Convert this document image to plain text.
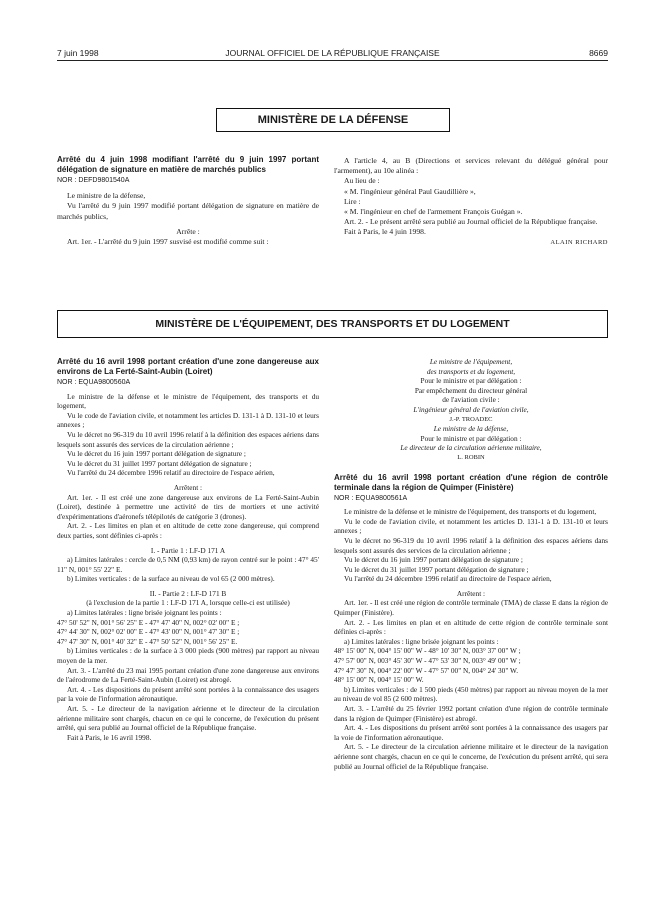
7 juin 1998	JOURNAL OFFICIEL DE LA RÉPUBLIQUE FRANÇAISE	8669
MINISTÈRE DE LA DÉFENSE

Arrêté du 4 juin 1998 modifiant l'arrêté du 9 juin 1997 portant délégation de signature en matière de marchés publics

NOR : DEFD9801540A

Le ministre de la défense,

Vu l'arrêté du 9 juin 1997 modifié portant délégation de signature en matière de marchés publics,

Arrête :

Art. 1er. - L'arrêté du 9 juin 1997 susvisé est modifié comme suit :

A l'article 4, au B (Directions et services relevant du délégué général pour l'armement), au 10e alinéa :

Au lieu de :

« M. l'ingénieur général Paul Gaudillière »,

Lire :

« M. l'ingénieur en chef de l'armement François Guégan ».

Art. 2. - Le présent arrêté sera publié au Journal officiel de la République française.

Fait à Paris, le 4 juin 1998.

ALAIN RICHARD

MINISTÈRE DE L'ÉQUIPEMENT, DES TRANSPORTS ET DU LOGEMENT

Arrêté du 16 avril 1998 portant création d'une zone dangereuse aux environs de La Ferté-Saint-Aubin (Loiret)

NOR : EQUA9800560A

Le ministre de la défense et le ministre de l'équipement, des transports et du logement,

Vu le code de l'aviation civile, et notamment les articles D. 131-1 à D. 131-10 et leurs annexes ;

Vu le décret no 96-319 du 10 avril 1996 relatif à la définition des espaces aériens dans lesquels sont assurés des services de la circulation aérienne ;

Vu le décret du 16 juin 1997 portant délégation de signature ;

Vu le décret du 31 juillet 1997 portant délégation de signature ;

Vu l'arrêté du 24 décembre 1996 relatif au directoire de l'espace aérien,

Arrêtent :

Art. 1er. - Il est créé une zone dangereuse aux environs de La Ferté-Saint-Aubin (Loiret), destinée à permettre une activité de tirs de mortiers et une activité d'expérimentations d'aéronefs télépilotés de catégorie 3 (drones).

Art. 2. - Les limites en plan et en altitude de cette zone dangereuse, qui comprend deux parties, sont définies ci-après :

I. - Partie 1 : LF-D 171 A

a) Limites latérales : cercle de 0,5 NM (0,93 km) de rayon centré sur le point : 47° 45' 11" N, 001° 55' 22" E.

b) Limites verticales : de la surface au niveau de vol 65 (2 000 mètres).

II. - Partie 2 : LF-D 171 B

(à l'exclusion de la partie 1 : LF-D 171 A, lorsque celle-ci est utilisée)

a) Limites latérales : ligne brisée joignant les points :

47° 50' 52" N, 001° 56' 25" E - 47° 47' 40" N, 002° 02' 00" E ;

47° 44' 30" N, 002° 02' 00" E - 47° 43' 00" N, 001° 47' 30" E ;

47° 47' 30" N, 001° 40' 32" E - 47° 50' 52" N, 001° 56' 25" E.

b) Limites verticales : de la surface à 3 000 pieds (900 mètres) par rapport au niveau moyen de la mer.

Art. 3. - L'arrêté du 23 mai 1995 portant création d'une zone dangereuse aux environs de l'aérodrome de La Ferté-Saint-Aubin (Loiret) est abrogé.

Art. 4. - Les dispositions du présent arrêté sont portées à la connaissance des usagers par la voie de l'information aéronautique.

Art. 5. - Le directeur de la navigation aérienne et le directeur de la circulation aérienne militaire sont chargés, chacun en ce qui le concerne, de l'exécution du présent arrêté, qui sera publié au Journal officiel de la République française.

Fait à Paris, le 16 avril 1998.

Le ministre de l'équipement,

des transports et du logement,

Pour le ministre et par délégation :

Par empêchement du directeur général

de l'aviation civile :

L'ingénieur général de l'aviation civile,

J.-P. TROADEC

Le ministre de la défense,

Pour le ministre et par délégation :

Le directeur de la circulation aérienne militaire,

L. ROBIN

Arrêté du 16 avril 1998 portant création d'une région de contrôle terminale dans la région de Quimper (Finistère)

NOR : EQUA9800561A

Le ministre de la défense et le ministre de l'équipement, des transports et du logement,

Vu le code de l'aviation civile, et notamment les articles D. 131-1 à D. 131-10 et leurs annexes ;

Vu le décret no 96-319 du 10 avril 1996 relatif à la définition des espaces aériens dans lesquels sont assurés des services de la circulation aérienne ;

Vu le décret du 16 juin 1997 portant délégation de signature ;

Vu le décret du 31 juillet 1997 portant délégation de signature ;

Vu l'arrêté du 24 décembre 1996 relatif au directoire de l'espace aérien,

Arrêtent :

Art. 1er. - Il est créé une région de contrôle terminale (TMA) de classe E dans la région de Quimper (Finistère).

Art. 2. - Les limites en plan et en altitude de cette région de contrôle terminale sont définies ci-après :

a) Limites latérales : ligne brisée joignant les points :

48° 15' 00" N, 004° 15' 00" W - 48° 10' 30" N, 003° 37' 00" W ;

47° 57' 00" N, 003° 45' 30" W - 47° 53' 30" N, 003° 49' 00" W ;

47° 47' 30" N, 004° 22' 00" W - 47° 57' 00" N, 004° 24' 30" W.

48° 15' 00" N, 004° 15' 00" W.

b) Limites verticales : de 1 500 pieds (450 mètres) par rapport au niveau moyen de la mer au niveau de vol 85 (2 600 mètres).

Art. 3. - L'arrêté du 25 février 1992 portant création d'une région de contrôle terminale dans la région de Quimper (Finistère) est abrogé.

Art. 4. - Les dispositions du présent arrêté sont portées à la connaissance des usagers par la voie de l'information aéronautique.

Art. 5. - Le directeur de la circulation aérienne militaire et le directeur de la navigation aérienne sont chargés, chacun en ce qui le concerne, de l'exécution du présent arrêté, qui sera publié au Journal officiel de la République française.
